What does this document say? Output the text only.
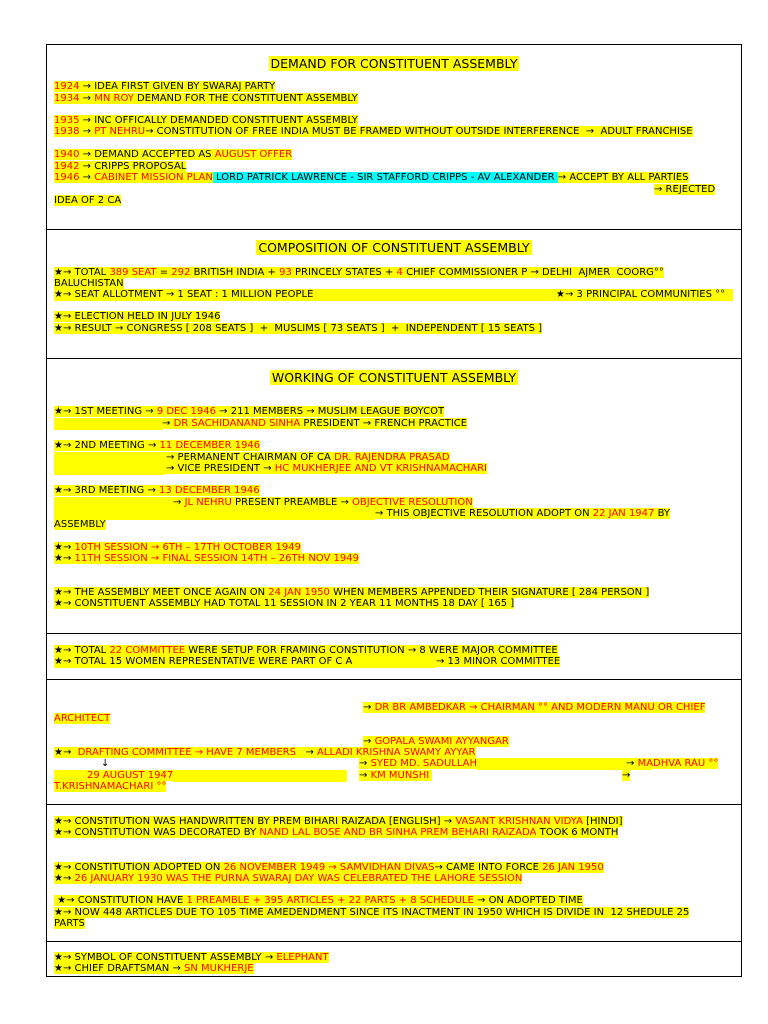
DEMAND FOR CONSTITUENT ASSEMBLY
1924 → IDEA FIRST GIVEN BY SWARAJ PARTY
1934 → MN ROY DEMAND FOR THE CONSTITUENT ASSEMBLY
1935 → INC OFFICALLY DEMANDED CONSTITUENT ASSEMBLY
1938 → PT NEHRU→ CONSTITUTION OF FREE INDIA MUST BE FRAMED WITHOUT OUTSIDE INTERFERENCE  →  ADULT FRANCHISE
1940 → DEMAND ACCEPTED AS AUGUST OFFER
1942 → CRIPPS PROPOSAL
1946 → CABINET MISSION PLAN LORD PATRICK LAWRENCE - SIR STAFFORD CRIPPS - AV ALEXANDER → ACCEPT BY ALL PARTIES
→ REJECTED
IDEA OF 2 CA
COMPOSITION OF CONSTITUENT ASSEMBLY
★→ TOTAL 389 SEAT = 292 BRITISH INDIA + 93 PRINCELY STATES + 4 CHIEF COMMISSIONER P → DELHI  AJMER  COORG°°
BALUCHISTAN
★→ SEAT ALLOTMENT → 1 SEAT : 1 MILLION PEOPLE	★→ 3 PRINCIPAL COMMUNITIES °°
★→ ELECTION HELD IN JULY 1946
★→ RESULT → CONGRESS [ 208 SEATS ]  +  MUSLIMS [ 73 SEATS ]  +  INDEPENDENT [ 15 SEATS ]
WORKING OF CONSTITUENT ASSEMBLY
★→ 1ST MEETING → 9 DEC 1946 → 211 MEMBERS → MUSLIM LEAGUE BOYCOT
→ DR SACHIDANAND SINHA PRESIDENT → FRENCH PRACTICE
★→ 2ND MEETING → 11 DECEMBER 1946
→ PERMANENT CHAIRMAN OF CA DR. RAJENDRA PRASAD
→ VICE PRESIDENT → HC MUKHERJEE AND VT KRISHNAMACHARI
★→ 3RD MEETING → 13 DECEMBER 1946
→ JL NEHRU PRESENT PREAMBLE → OBJECTIVE RESOLUTION
→ THIS OBJECTIVE RESOLUTION ADOPT ON 22 JAN 1947 BY
ASSEMBLY
★→ 10TH SESSION → 6TH – 17TH OCTOBER 1949
★→ 11TH SESSION → FINAL SESSION 14TH – 26TH NOV 1949
★→ THE ASSEMBLY MEET ONCE AGAIN ON 24 JAN 1950 WHEN MEMBERS APPENDED THEIR SIGNATURE [ 284 PERSON ]
★→ CONSTITUENT ASSEMBLY HAD TOTAL 11 SESSION IN 2 YEAR 11 MONTHS 18 DAY [ 165 ]
★→ TOTAL 22 COMMITTEE WERE SETUP FOR FRAMING CONSTITUTION → 8 WERE MAJOR COMMITTEE
★→ TOTAL 15 WOMEN REPRESENTATIVE WERE PART OF C A	→ 13 MINOR COMMITTEE
→ DR BR AMBEDKAR → CHAIRMAN °° AND MODERN MANU OR CHIEF
ARCHITECT
→ GOPALA SWAMI AYYANGAR
★→  DRAFTING COMMITTEE → HAVE 7 MEMBERS   → ALLADI KRISHNA SWAMY AYYAR
↓	→ SYED MD. SADULLAH	→ MADHVA RAU °°
29 AUGUST 1947	→ KM MUNSHI	→
T.KRISHNAMACHARI °°
★→ CONSTITUTION WAS HANDWRITTEN BY PREM BIHARI RAIZADA [ENGLISH] → VASANT KRISHNAN VIDYA [HINDI]
★→ CONSTITUTION WAS DECORATED BY NAND LAL BOSE AND BR SINHA PREM BEHARI RAIZADA TOOK 6 MONTH
★→ CONSTITUTION ADOPTED ON 26 NOVEMBER 1949 → SAMVIDHAN DIVAS→ CAME INTO FORCE 26 JAN 1950
★→ 26 JANUARY 1930 WAS THE PURNA SWARAJ DAY WAS CELEBRATED THE LAHORE SESSION
★→ CONSTITUTION HAVE 1 PREAMBLE + 395 ARTICLES + 22 PARTS + 8 SCHEDULE → ON ADOPTED TIME
★→ NOW 448 ARTICLES DUE TO 105 TIME AMEDENDMENT SINCE ITS INACTMENT IN 1950 WHICH IS DIVIDE IN  12 SHEDULE 25
PARTS
★→ SYMBOL OF CONSTITUENT ASSEMBLY → ELEPHANT
★→ CHIEF DRAFTSMAN → SN MUKHERJE
